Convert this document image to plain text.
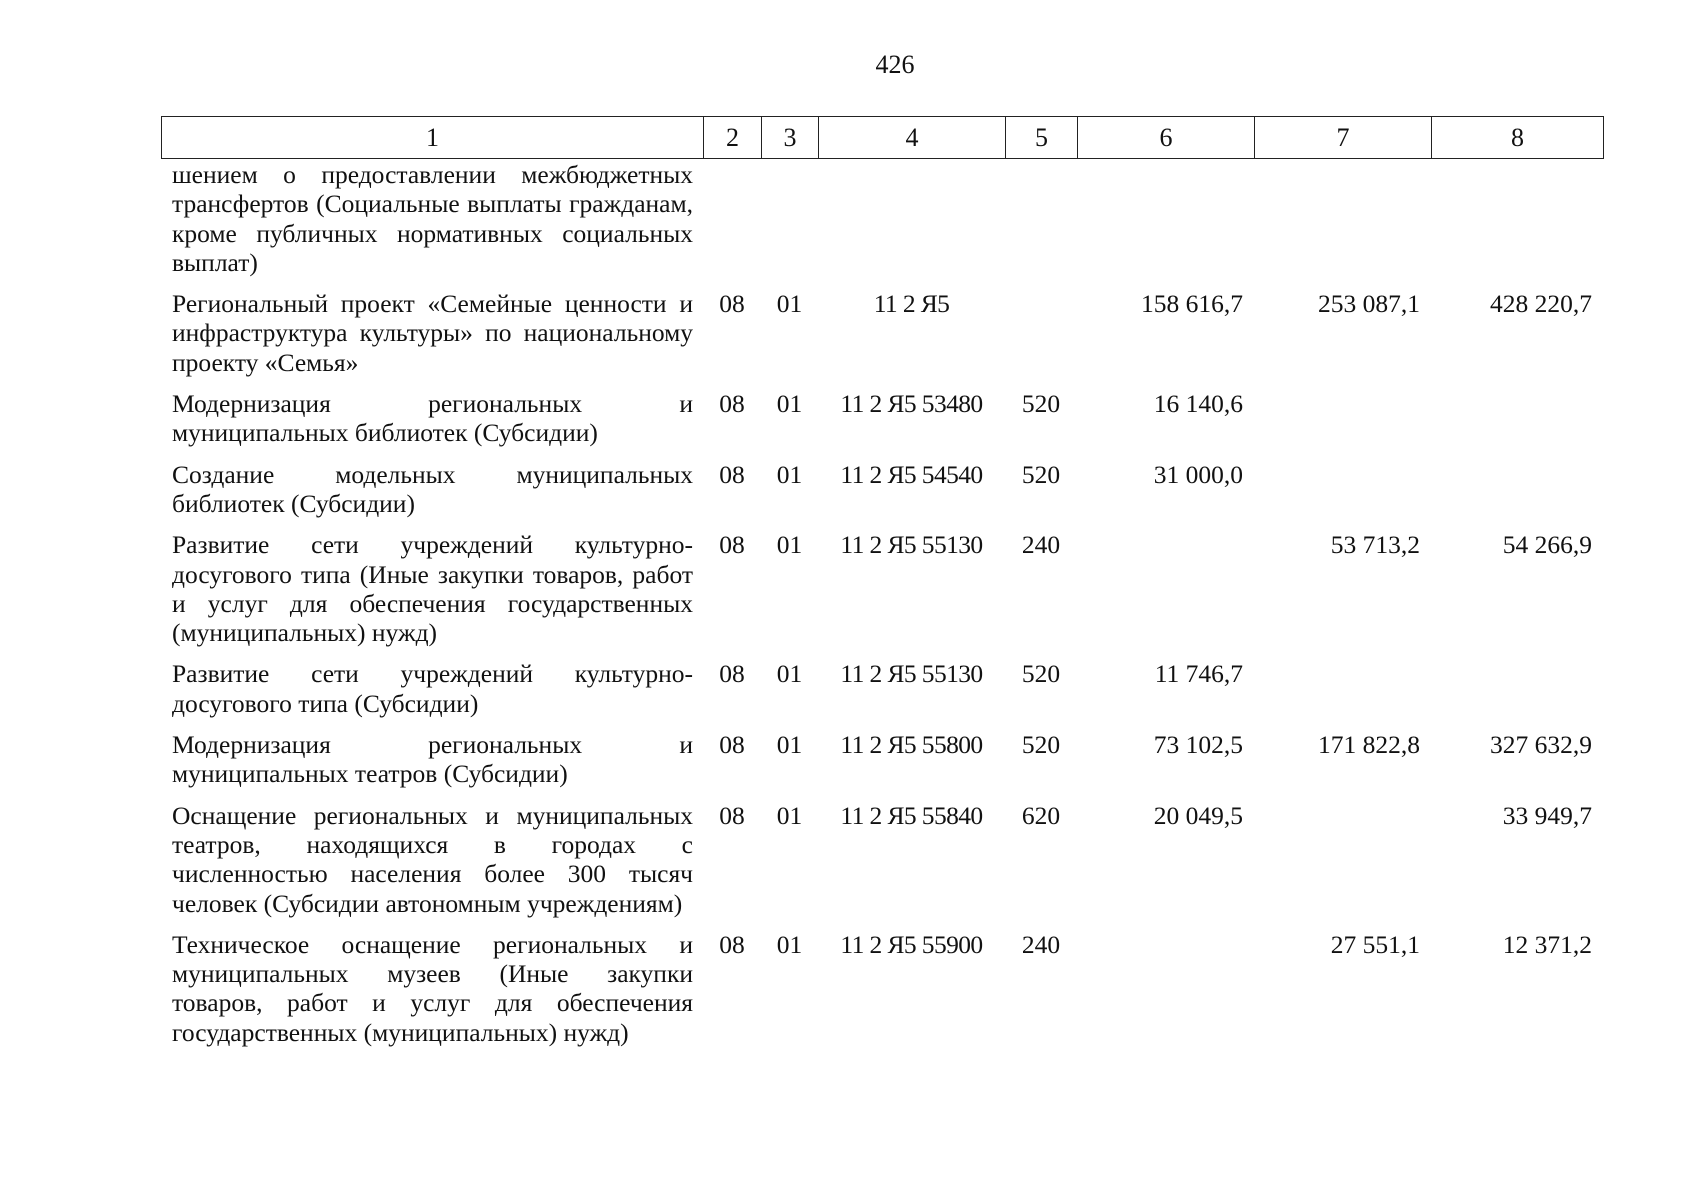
426
1	2	3	4	5	6	7	8
шением о предоставлении межбюджетных трансфертов (Социальные выплаты гражданам, кроме публичных нормативных социальных выплат)							
Региональный проект «Семейные ценности и инфраструктура культуры» по национальному проекту «Семья»	08	01	11 2 Я5		158 616,7	253 087,1	428 220,7
Модернизация региональных и муниципальных библиотек (Субсидии)	08	01	11 2 Я5 53480	520	16 140,6		
Создание модельных муниципальных библиотек (Субсидии)	08	01	11 2 Я5 54540	520	31 000,0		
Развитие сети учреждений культурно-досугового типа (Иные закупки товаров, работ и услуг для обеспечения государственных (муниципальных) нужд)	08	01	11 2 Я5 55130	240		53 713,2	54 266,9
Развитие сети учреждений культурно-досугового типа (Субсидии)	08	01	11 2 Я5 55130	520	11 746,7		
Модернизация региональных и муниципальных театров (Субсидии)	08	01	11 2 Я5 55800	520	73 102,5	171 822,8	327 632,9
Оснащение региональных и муниципальных театров, находящихся в городах с численностью населения более 300 тысяч человек (Субсидии автономным учреждениям)	08	01	11 2 Я5 55840	620	20 049,5		33 949,7
Техническое оснащение региональных и муниципальных музеев (Иные закупки товаров, работ и услуг для обеспечения государственных (муниципальных) нужд)	08	01	11 2 Я5 55900	240		27 551,1	12 371,2
